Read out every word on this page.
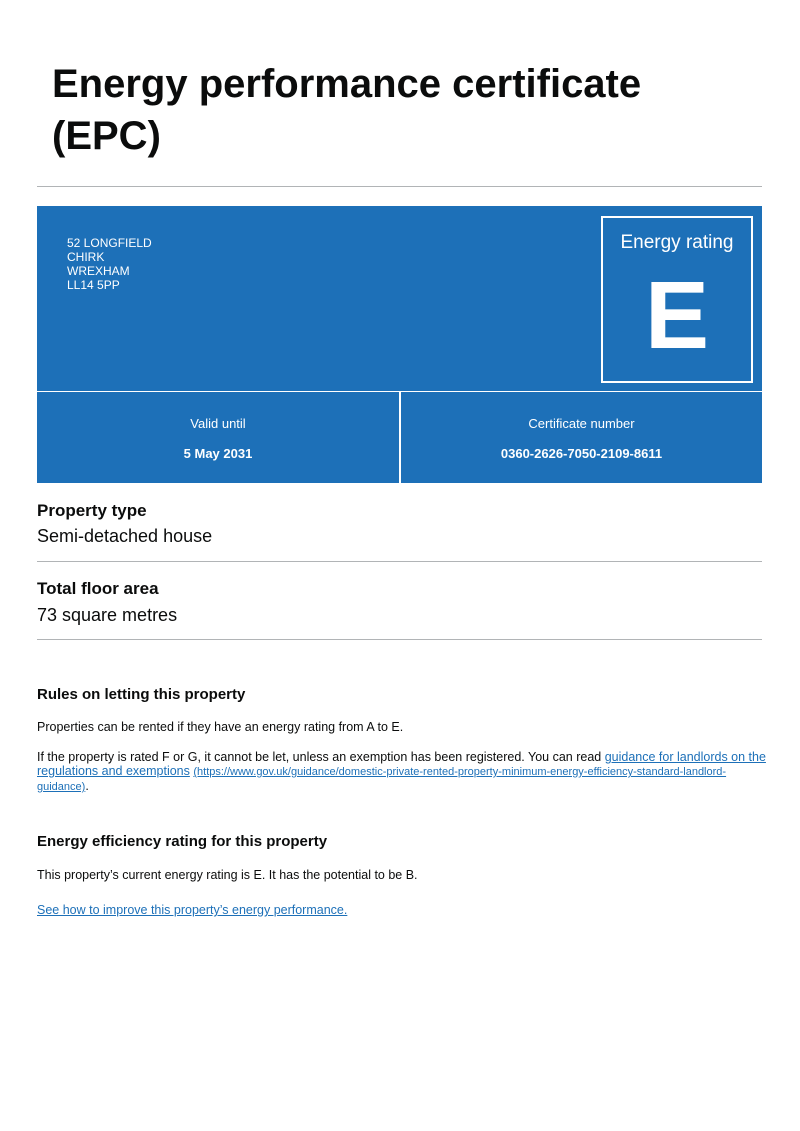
Energy performance certificate
(EPC)
52 LONGFIELD
CHIRK
WREXHAM
LL14 5PP
Energy rating
E
Valid until
5 May 2031
Certificate number
0360-2626-7050-2109-8611
Property type
Semi-detached house
Total floor area
73 square metres
Rules on letting this property
Properties can be rented if they have an energy rating from A to E.
If the property is rated F or G, it cannot be let, unless an exemption has been registered. You can read guidance for landlords on the regulations and exemptions (https://www.gov.uk/guidance/domestic-private-rented-property-minimum-energy-efficiency-standard-landlord-guidance).
Energy efficiency rating for this property
This property’s current energy rating is E. It has the potential to be B.
See how to improve this property’s energy performance.
